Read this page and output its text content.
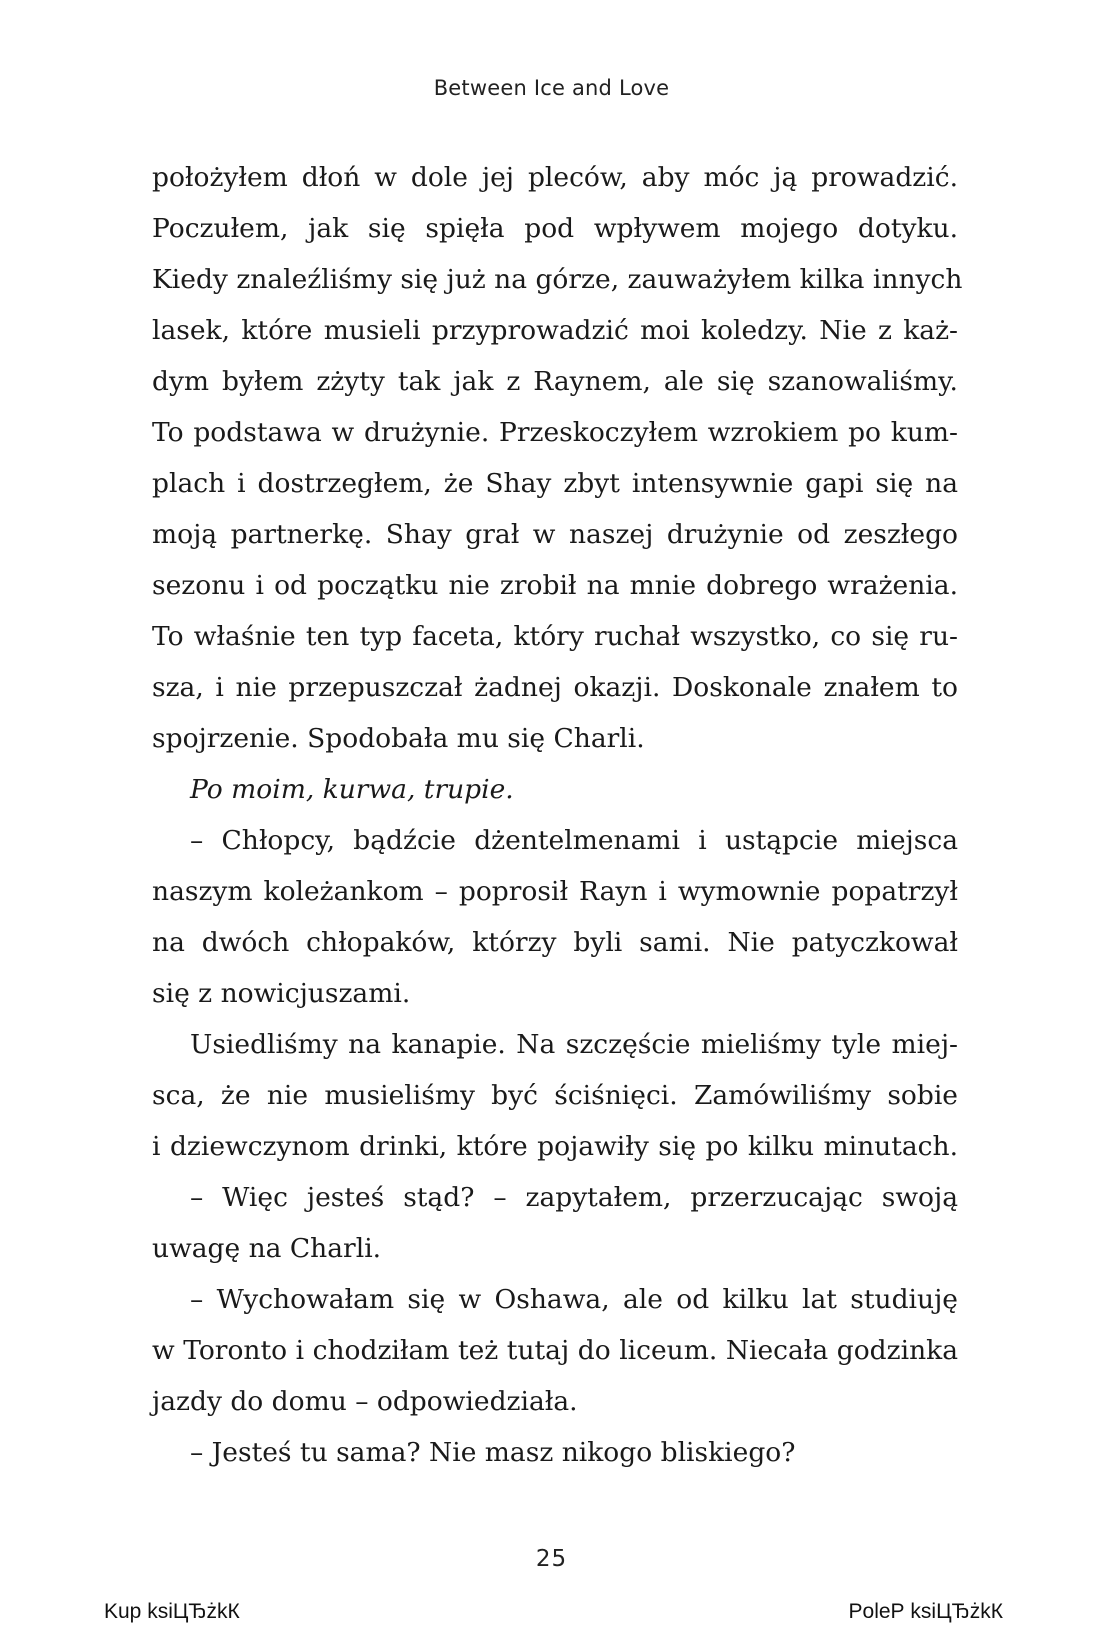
Between Ice and Love
położyłem dłoń w dole jej pleców, aby móc ją prowadzić.
Poczułem, jak się spięła pod wpływem mojego dotyku.
Kiedy znaleźliśmy się już na górze, zauważyłem kilka innych
lasek, które musieli przyprowadzić moi koledzy. Nie z każ-
dym byłem zżyty tak jak z Raynem, ale się szanowaliśmy.
To podstawa w drużynie. Przeskoczyłem wzrokiem po kum-
plach i dostrzegłem, że Shay zbyt intensywnie gapi się na
moją partnerkę. Shay grał w naszej drużynie od zeszłego
sezonu i od początku nie zrobił na mnie dobrego wrażenia.
To właśnie ten typ faceta, który ruchał wszystko, co się ru-
sza, i nie przepuszczał żadnej okazji. Doskonale znałem to
spojrzenie. Spodobała mu się Charli.
Po moim, kurwa, trupie.
– Chłopcy, bądźcie dżentelmenami i ustąpcie miejsca
naszym koleżankom – poprosił Rayn i wymownie popatrzył
na dwóch chłopaków, którzy byli sami. Nie patyczkował
się z nowicjuszami.
Usiedliśmy na kanapie. Na szczęście mieliśmy tyle miej-
sca, że nie musieliśmy być ściśnięci. Zamówiliśmy sobie
i dziewczynom drinki, które pojawiły się po kilku minutach.
– Więc jesteś stąd? – zapytałem, przerzucając swoją
uwagę na Charli.
– Wychowałam się w Oshawa, ale od kilku lat studiuję
w Toronto i chodziłam też tutaj do liceum. Niecała godzinka
jazdy do domu – odpowiedziała.
– Jesteś tu sama? Nie masz nikogo bliskiego?
25
Kup ksiЦЂżkК	PoleР ksiЦЂżkК
